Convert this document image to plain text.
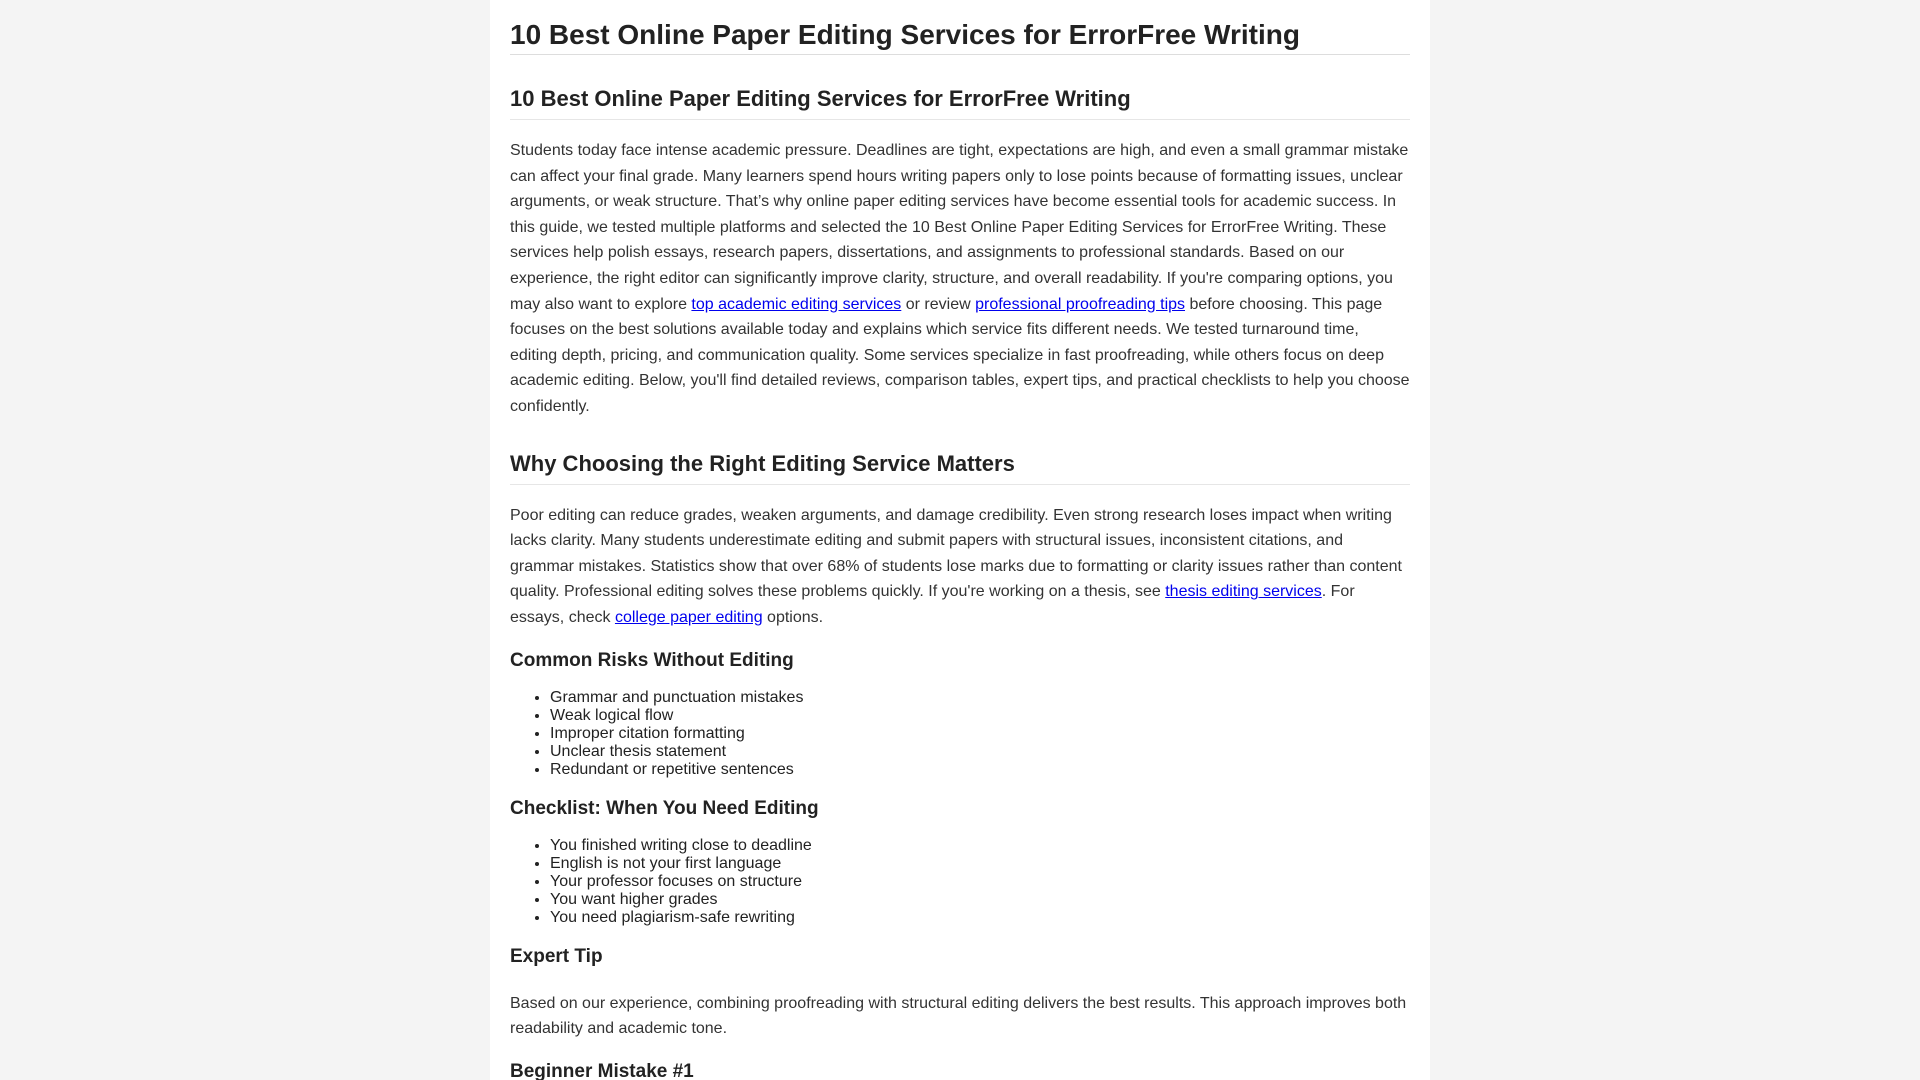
10 Best Online Paper Editing Services for ErrorFree Writing
10 Best Online Paper Editing Services for ErrorFree Writing

Students today face intense academic pressure. Deadlines are tight, expectations are high, and even a small grammar mistake can affect your final grade. Many learners spend hours writing papers only to lose points because of formatting issues, unclear arguments, or weak structure. That’s why online paper editing services have become essential tools for academic success. In this guide, we tested multiple platforms and selected the 10 Best Online Paper Editing Services for ErrorFree Writing. These services help polish essays, research papers, dissertations, and assignments to professional standards. Based on our experience, the right editor can significantly improve clarity, structure, and overall readability. If you're comparing options, you may also want to explore top academic editing services or review professional proofreading tips before choosing. This page focuses on the best solutions available today and explains which service fits different needs. We tested turnaround time, editing depth, pricing, and communication quality. Some services specialize in fast proofreading, while others focus on deep academic editing. Below, you'll find detailed reviews, comparison tables, expert tips, and practical checklists to help you choose confidently.

Why Choosing the Right Editing Service Matters

Poor editing can reduce grades, weaken arguments, and damage credibility. Even strong research loses impact when writing lacks clarity. Many students underestimate editing and submit papers with structural issues, inconsistent citations, and grammar mistakes. Statistics show that over 68% of students lose marks due to formatting or clarity issues rather than content quality. Professional editing solves these problems quickly. If you're working on a thesis, see thesis editing services. For essays, check college paper editing options.

Common Risks Without Editing
• Grammar and punctuation mistakes
• Weak logical flow
• Improper citation formatting
• Unclear thesis statement
• Redundant or repetitive sentences
Checklist: When You Need Editing
• You finished writing close to deadline
• English is not your first language
• Your professor focuses on structure
• You want higher grades
• You need plagiarism-safe rewriting
Expert Tip

Based on our experience, combining proofreading with structural editing delivers the best results. This approach improves both readability and academic tone.

Beginner Mistake #1
